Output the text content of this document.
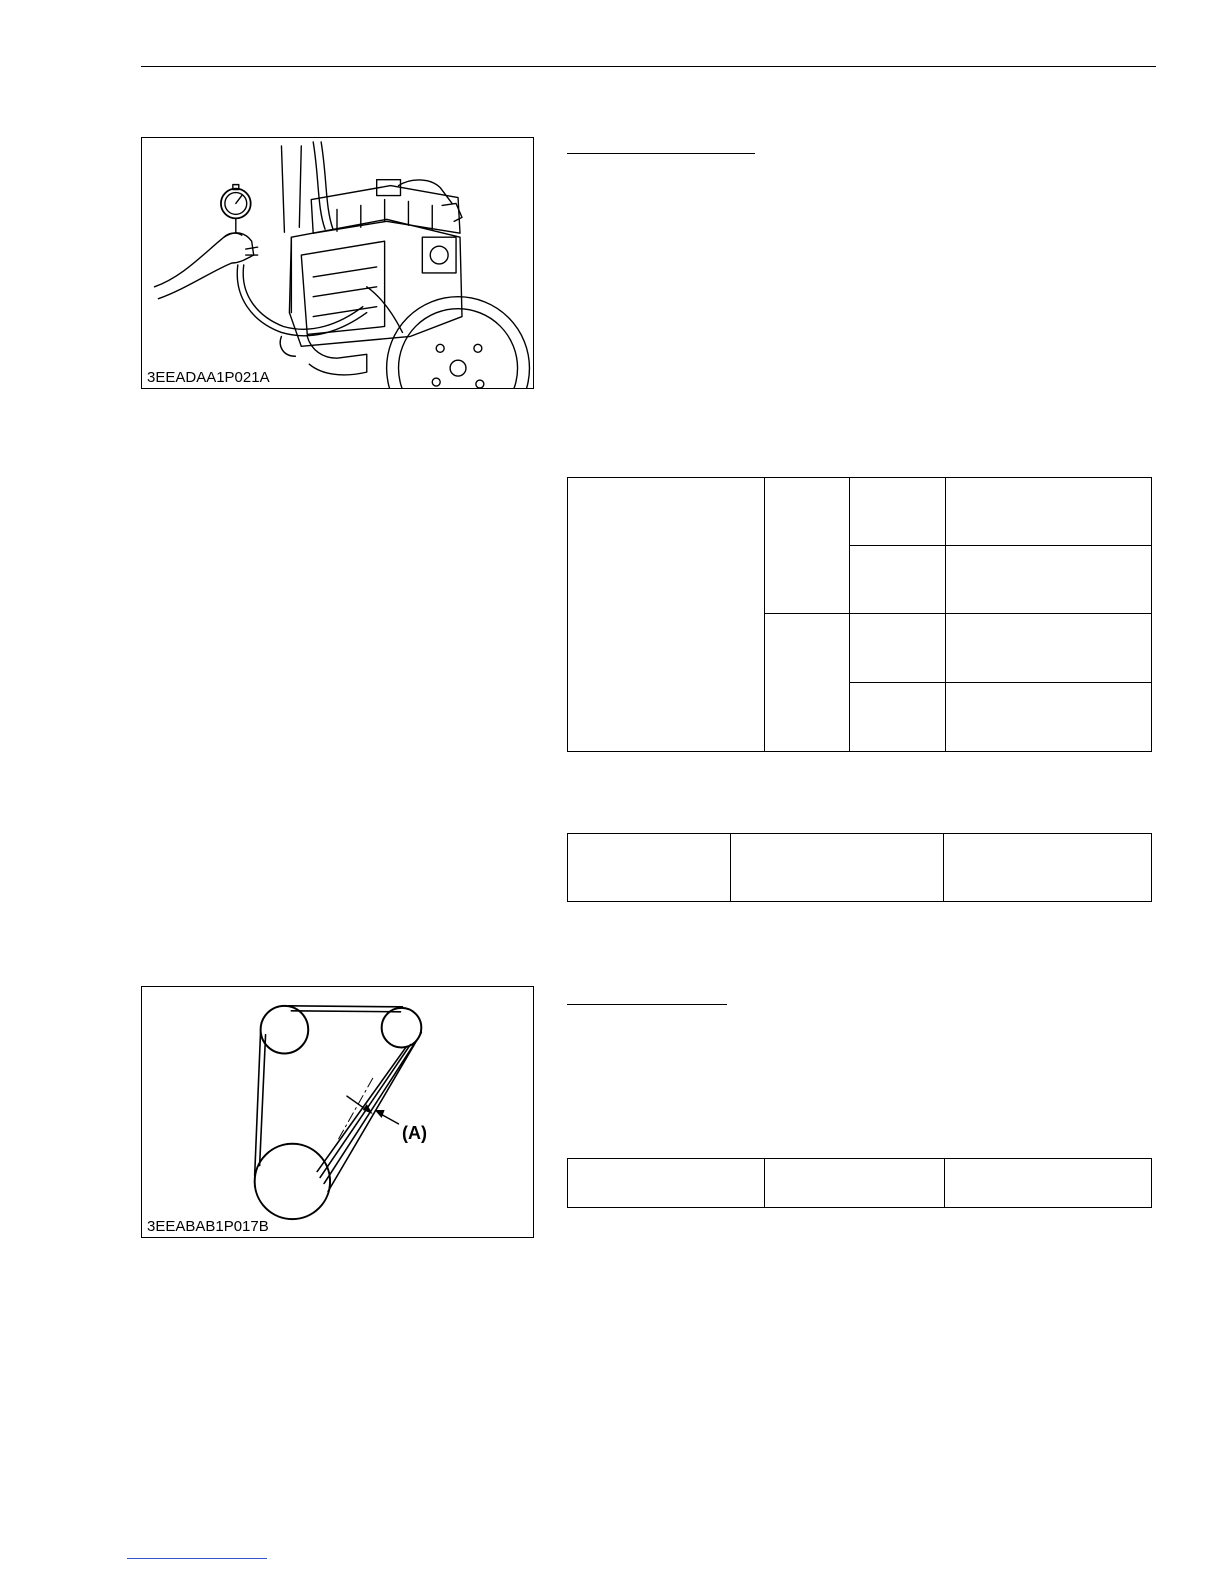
3EEADAA1P021A

(A)
3EEABAB1P017B
